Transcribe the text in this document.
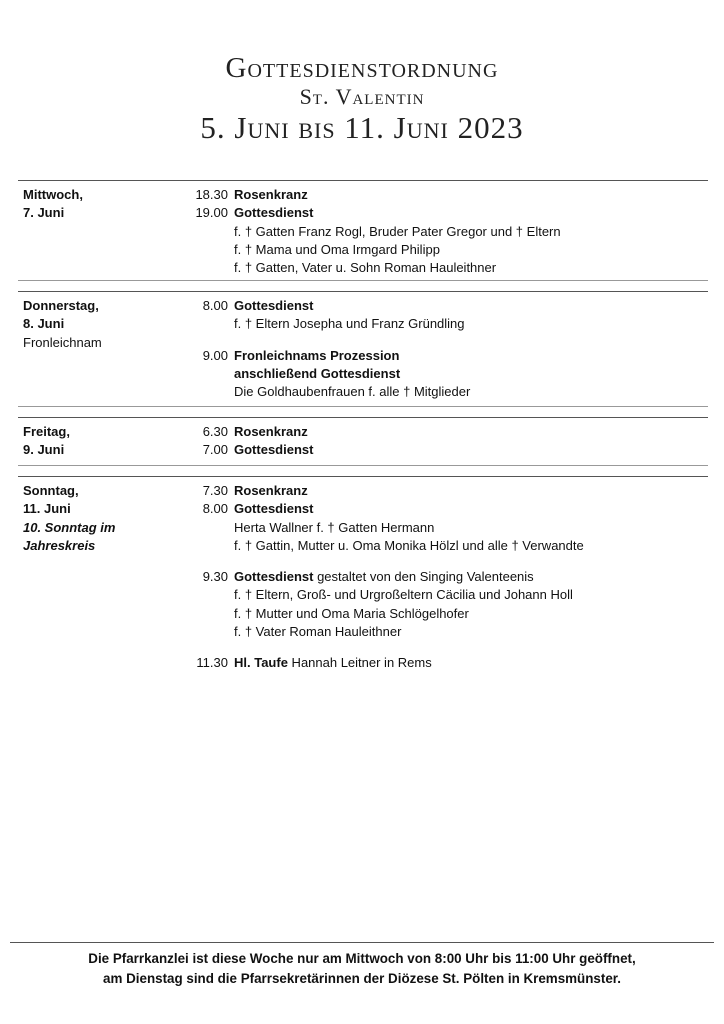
Gottesdienstordnung
St. Valentin
5. Juni bis 11. Juni 2023
Mittwoch,
7. Juni
18.30 Rosenkranz
19.00 Gottesdienst
f. † Gatten Franz Rogl, Bruder Pater Gregor und † Eltern
f. † Mama und Oma Irmgard Philipp
f. † Gatten, Vater u. Sohn Roman Hauleithner
Donnerstag,
8. Juni
Fronleichnam
8.00 Gottesdienst
f. † Eltern Josepha und Franz Gründling
9.00 Fronleichnams Prozession
anschließend Gottesdienst
Die Goldhaubenfrauen f. alle † Mitglieder
Freitag,
9. Juni
6.30 Rosenkranz
7.00 Gottesdienst
Sonntag,
11. Juni
10. Sonntag im
Jahreskreis
7.30 Rosenkranz
8.00 Gottesdienst
Herta Wallner f. † Gatten Hermann
f. † Gattin, Mutter u. Oma Monika Hölzl und alle † Verwandte
9.30 Gottesdienst gestaltet von den Singing Valenteenis
f. † Eltern, Groß- und Urgroßeltern Cäcilia und Johann Holl
f. † Mutter und Oma Maria Schlögelhofer
f. † Vater Roman Hauleithner
11.30 Hl. Taufe Hannah Leitner in Rems
Die Pfarrkanzlei ist diese Woche nur am Mittwoch von 8:00 Uhr bis 11:00 Uhr geöffnet,
am Dienstag sind die Pfarrsekretärinnen der Diözese St. Pölten in Kremsmünster.
